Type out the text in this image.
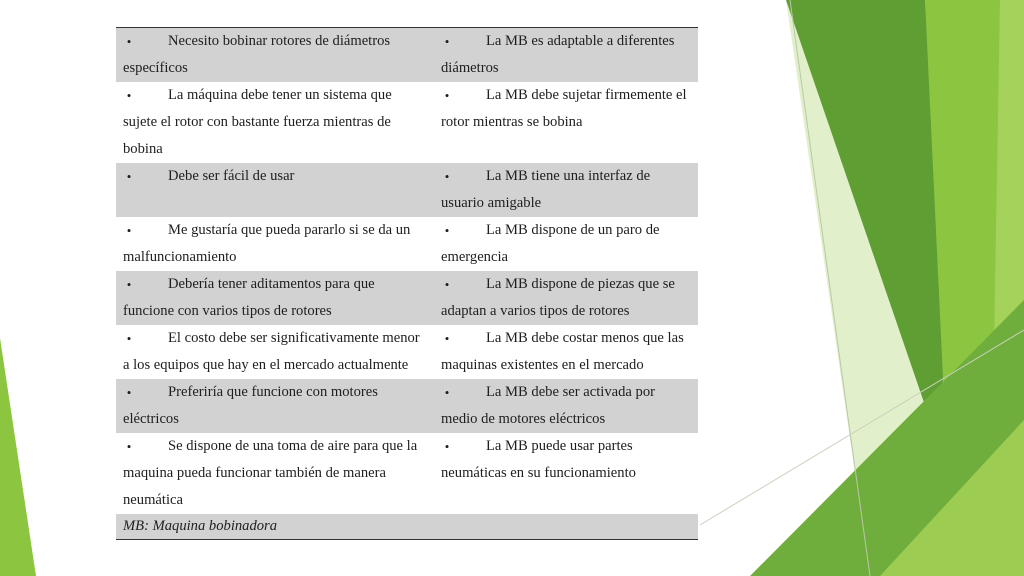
• Necesito bobinar rotores de diámetros específicos	• La MB es adaptable a diferentes diámetros

• La máquina debe tener un sistema que sujete el rotor con bastante fuerza mientras de bobina	• La MB debe sujetar firmemente el rotor mientras se bobina

• Debe ser fácil de usar	• La MB tiene una interfaz de usuario amigable

• Me gustaría que pueda pararlo si se da un malfuncionamiento	• La MB dispone de un paro de emergencia

• Debería tener aditamentos para que funcione con varios tipos de rotores	• La MB dispone de piezas que se adaptan a varios tipos de rotores

• El costo debe ser significativamente menor a los equipos que hay en el mercado actualmente	• La MB debe costar menos que las maquinas existentes en el mercado

• Preferiría que funcione con motores eléctricos	• La MB debe ser activada por medio de motores eléctricos

• Se dispone de una toma de aire para que la maquina pueda funcionar también de manera neumática	• La MB puede usar partes neumáticas en su funcionamiento

MB: Maquina bobinadora	
